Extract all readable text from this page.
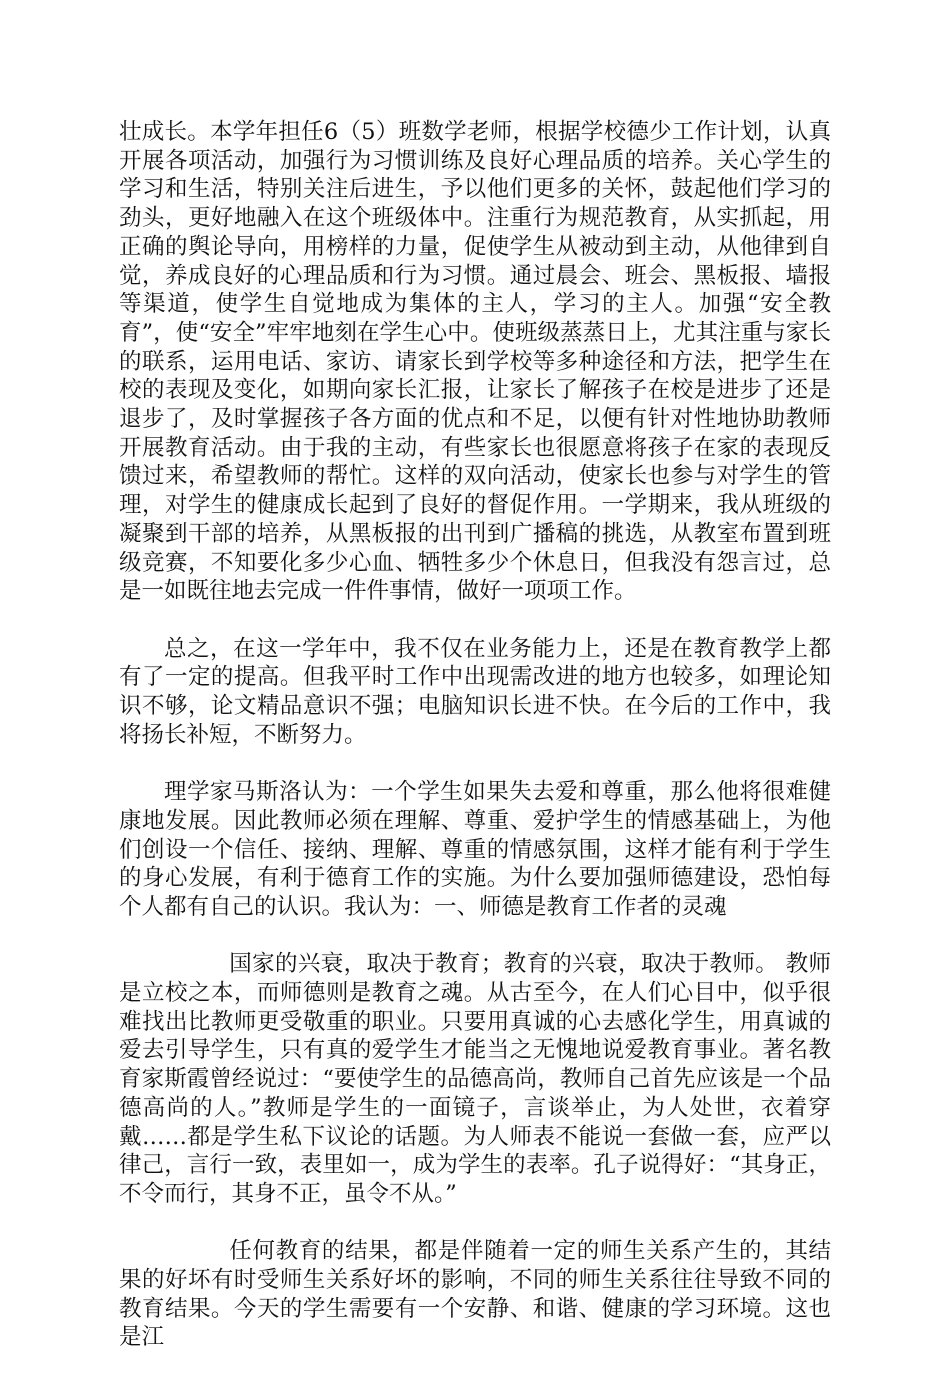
壮成长。本学年担任6（5）班数学老师，根据学校德少工作计划，认真开展各项活动，加强行为习惯训练及良好心理品质的培养。关心学生的学习和生活，特别关注后进生，予以他们更多的关怀，鼓起他们学习的劲头，更好地融入在这个班级体中。注重行为规范教育，从实抓起，用正确的舆论导向，用榜样的力量，促使学生从被动到主动，从他律到自觉，养成良好的心理品质和行为习惯。通过晨会、班会、黑板报、墙报等渠道，使学生自觉地成为集体的主人，学习的主人。加强“安全教育”，使“安全”牢牢地刻在学生心中。使班级蒸蒸日上，尤其注重与家长的联系，运用电话、家访、请家长到学校等多种途径和方法，把学生在校的表现及变化，如期向家长汇报，让家长了解孩子在校是进步了还是退步了，及时掌握孩子各方面的优点和不足，以便有针对性地协助教师开展教育活动。由于我的主动，有些家长也很愿意将孩子在家的表现反馈过来，希望教师的帮忙。这样的双向活动，使家长也参与对学生的管理，对学生的健康成长起到了良好的督促作用。一学期来，我从班级的凝聚到干部的培养，从黑板报的出刊到广播稿的挑选，从教室布置到班级竞赛，不知要化多少心血、牺牲多少个休息日，但我没有怨言过，总是一如既往地去完成一件件事情，做好一项项工作。

总之，在这一学年中，我不仅在业务能力上，还是在教育教学上都有了一定的提高。但我平时工作中出现需改进的地方也较多，如理论知识不够，论文精品意识不强；电脑知识长进不快。在今后的工作中，我将扬长补短，不断努力。

理学家马斯洛认为：一个学生如果失去爱和尊重，那么他将很难健康地发展。因此教师必须在理解、尊重、爱护学生的情感基础上，为他们创设一个信任、接纳、理解、尊重的情感氛围，这样才能有利于学生的身心发展，有利于德育工作的实施。为什么要加强师德建设，恐怕每个人都有自己的认识。我认为：一、师德是教育工作者的灵魂

国家的兴衰，取决于教育；教育的兴衰，取决于教师。 教师是立校之本，而师德则是教育之魂。从古至今，在人们心目中，似乎很难找出比教师更受敬重的职业。只要用真诚的心去感化学生，用真诚的爱去引导学生，只有真的爱学生才能当之无愧地说爱教育事业。著名教育家斯霞曾经说过：“要使学生的品德高尚，教师自己首先应该是一个品德高尚的人。”教师是学生的一面镜子，言谈举止，为人处世，衣着穿戴……都是学生私下议论的话题。为人师表不能说一套做一套，应严以律己，言行一致，表里如一，成为学生的表率。孔子说得好：“其身正，不令而行，其身不正，虽令不从。”

任何教育的结果，都是伴随着一定的师生关系产生的，其结果的好坏有时受师生关系好坏的影响，不同的师生关系往往导致不同的教育结果。今天的学生需要有一个安静、和谐、健康的学习环境。这也是江
